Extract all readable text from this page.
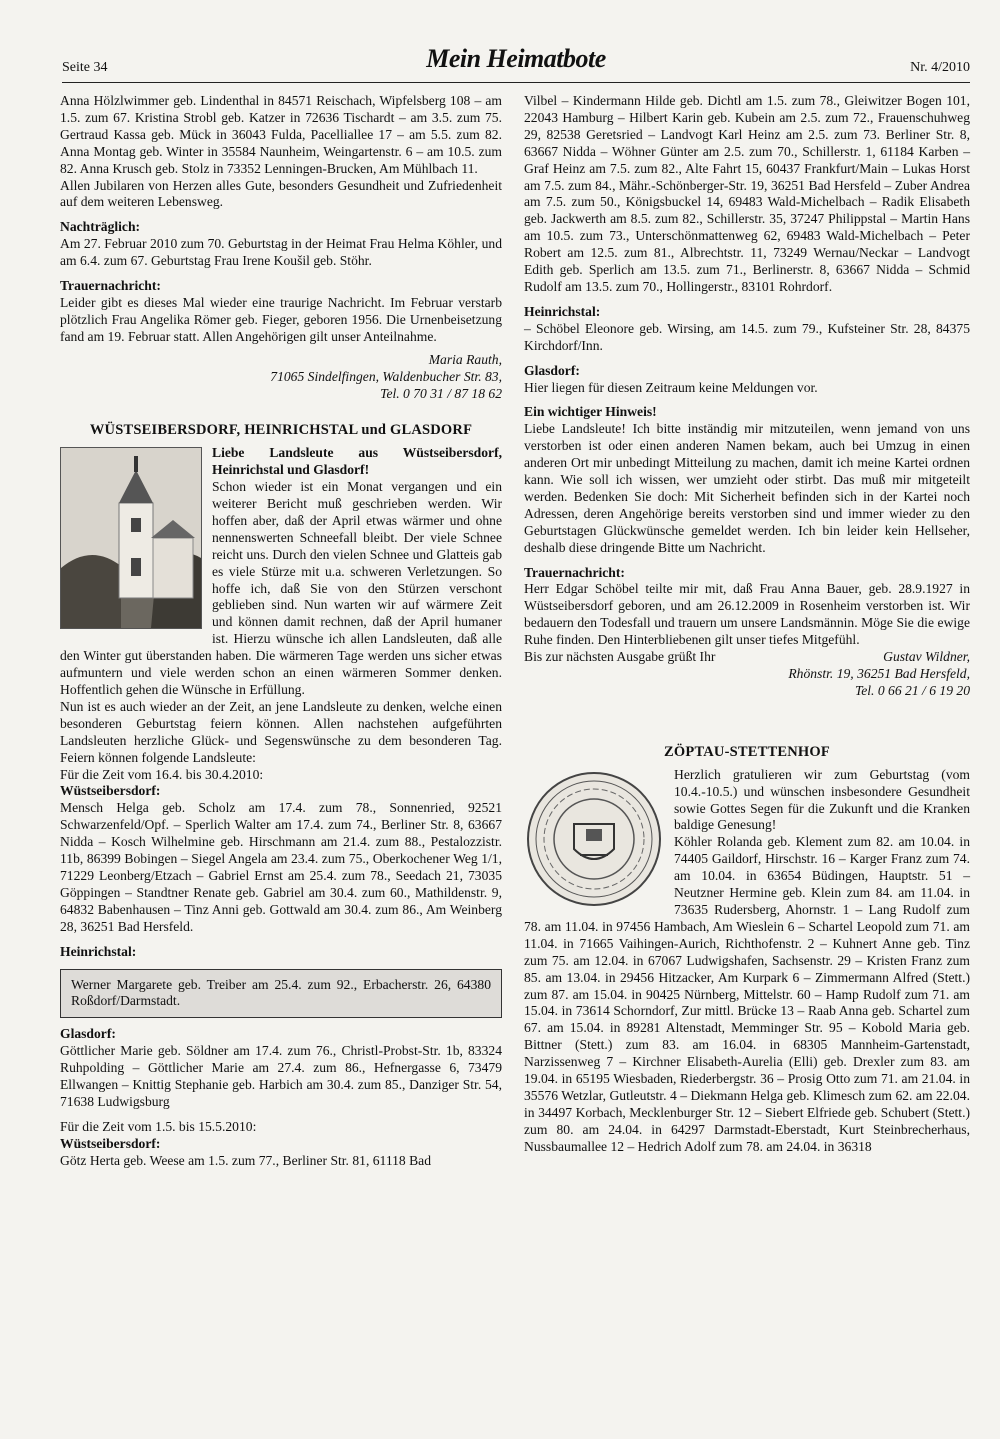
Seite 34	Mein Heimatbote	Nr. 4/2010

Anna Hölzlwimmer geb. Lindenthal in 84571 Reischach, Wipfelsberg 108 – am 1.5. zum 67. Kristina Strobl geb. Katzer in 72636 Tischardt – am 3.5. zum 75. Gertraud Kassa geb. Mück in 36043 Fulda, Pacelliallee 17 – am 5.5. zum 82. Anna Montag geb. Winter in 35584 Naunheim, Weingartenstr. 6 – am 10.5. zum 82. Anna Krusch geb. Stolz in 73352 Lenningen-Brucken, Am Mühlbach 11.

Allen Jubilaren von Herzen alles Gute, besonders Gesundheit und Zufriedenheit auf dem weiteren Lebensweg.

Nachträglich:

Am 27. Februar 2010 zum 70. Geburtstag in der Heimat Frau Helma Köhler, und am 6.4. zum 67. Geburtstag Frau Irene Koušil geb. Stöhr.

Trauernachricht:

Leider gibt es dieses Mal wieder eine traurige Nachricht. Im Februar verstarb plötzlich Frau Angelika Römer geb. Fieger, geboren 1956. Die Urnenbeisetzung fand am 19. Februar statt. Allen Angehörigen gilt unser Anteilnahme.

Maria Rauth,
71065 Sindelfingen, Waldenbucher Str. 83,
Tel. 0 70 31 / 87 18 62
WÜSTSEIBERSDORF, HEINRICHSTAL und GLASDORF

Liebe Landsleute aus Wüstseibersdorf, Heinrichstal und Glasdorf!

Schon wieder ist ein Monat vergangen und ein weiterer Bericht muß geschrieben werden. Wir hoffen aber, daß der April etwas wärmer und ohne nennenswerten Schneefall bleibt. Der viele Schnee reicht uns. Durch den vielen Schnee und Glatteis gab es viele Stürze mit u.a. schweren Verletzungen. So hoffe ich, daß Sie von den Stürzen verschont geblieben sind. Nun warten wir auf wärmere Zeit und können damit rechnen, daß der April humaner ist. Hierzu wünsche ich allen Landsleuten, daß alle den Winter gut überstanden haben. Die wärmeren Tage werden uns sicher etwas aufmuntern und viele werden schon an einen wärmeren Sommer denken. Hoffentlich gehen die Wünsche in Erfüllung.

Nun ist es auch wieder an der Zeit, an jene Landsleute zu denken, welche einen besonderen Geburtstag feiern können. Allen nachstehen aufgeführten Landsleuten herzliche Glück- und Segenswünsche zu dem besonderen Tag. Feiern können folgende Landsleute:

Für die Zeit vom 16.4. bis 30.4.2010:

Wüstseibersdorf:

Mensch Helga geb. Scholz am 17.4. zum 78., Sonnenried, 92521 Schwarzenfeld/Opf. – Sperlich Walter am 17.4. zum 74., Berliner Str. 8, 63667 Nidda – Kosch Wilhelmine geb. Hirschmann am 21.4. zum 88., Pestalozzistr. 11b, 86399 Bobingen – Siegel Angela am 23.4. zum 75., Oberkochener Weg 1/1, 71229 Leonberg/Etzach – Gabriel Ernst am 25.4. zum 78., Seedach 21, 73035 Göppingen – Standtner Renate geb. Gabriel am 30.4. zum 60., Mathildenstr. 9, 64832 Babenhausen – Tinz Anni geb. Gottwald am 30.4. zum 86., Am Weinberg 28, 36251 Bad Hersfeld.

Heinrichstal:

Werner Margarete geb. Treiber am 25.4. zum 92., Erbacherstr. 26, 64380 Roßdorf/Darmstadt.

Glasdorf:

Göttlicher Marie geb. Söldner am 17.4. zum 76., Christl-Probst-Str. 1b, 83324 Ruhpolding – Göttlicher Marie am 27.4. zum 86., Hefnergasse 6, 73479 Ellwangen – Knittig Stephanie geb. Harbich am 30.4. zum 85., Danziger Str. 54, 71638 Ludwigsburg

Für die Zeit vom 1.5. bis 15.5.2010:

Wüstseibersdorf:

Götz Herta geb. Weese am 1.5. zum 77., Berliner Str. 81, 61118 Bad

Vilbel – Kindermann Hilde geb. Dichtl am 1.5. zum 78., Gleiwitzer Bogen 101, 22043 Hamburg – Hilbert Karin geb. Kubein am 2.5. zum 72., Frauenschuhweg 29, 82538 Geretsried – Landvogt Karl Heinz am 2.5. zum 73. Berliner Str. 8, 63667 Nidda – Wöhner Günter am 2.5. zum 70., Schillerstr. 1, 61184 Karben – Graf Heinz am 7.5. zum 82., Alte Fahrt 15, 60437 Frankfurt/Main – Lukas Horst am 7.5. zum 84., Mähr.-Schönberger-Str. 19, 36251 Bad Hersfeld – Zuber Andrea am 7.5. zum 50., Königsbuckel 14, 69483 Wald-Michelbach – Radik Elisabeth geb. Jackwerth am 8.5. zum 82., Schillerstr. 35, 37247 Philippstal – Martin Hans am 10.5. zum 73., Unterschönmattenweg 62, 69483 Wald-Michelbach – Peter Robert am 12.5. zum 81., Albrechtstr. 11, 73249 Wernau/Neckar – Landvogt Edith geb. Sperlich am 13.5. zum 71., Berlinerstr. 8, 63667 Nidda – Schmid Rudolf am 13.5. zum 70., Hollingerstr., 83101 Rohrdorf.

Heinrichstal:

– Schöbel Eleonore geb. Wirsing, am 14.5. zum 79., Kufsteiner Str. 28, 84375 Kirchdorf/Inn.

Glasdorf:

Hier liegen für diesen Zeitraum keine Meldungen vor.

Ein wichtiger Hinweis!

Liebe Landsleute! Ich bitte inständig mir mitzuteilen, wenn jemand von uns verstorben ist oder einen anderen Namen bekam, auch bei Umzug in einen anderen Ort mir unbedingt Mitteilung zu machen, damit ich meine Kartei ordnen kann. Wie soll ich wissen, wer umzieht oder stirbt. Das muß mir mitgeteilt werden. Bedenken Sie doch: Mit Sicherheit befinden sich in der Kartei noch Adressen, deren Angehörige bereits verstorben sind und immer wieder zu den Geburtstagen Glückwünsche gemeldet werden. Ich bin leider kein Hellseher, deshalb diese dringende Bitte um Nachricht.

Trauernachricht:

Herr Edgar Schöbel teilte mir mit, daß Frau Anna Bauer, geb. 28.9.1927 in Wüstseibersdorf geboren, und am 26.12.2009 in Rosenheim verstorben ist. Wir bedauern den Todesfall und trauern um unsere Landsmännin. Möge Sie die ewige Ruhe finden. Den Hinterbliebenen gilt unser tiefes Mitgefühl.

Bis zur nächsten Ausgabe grüßt Ihr	Gustav Wildner,
Rhönstr. 19, 36251 Bad Hersfeld,
Tel. 0 66 21 / 6 19 20
ZÖPTAU-STETTENHOF

Herzlich gratulieren wir zum Geburtstag (vom 10.4.-10.5.) und wünschen insbesondere Gesundheit sowie Gottes Segen für die Zukunft und die Kranken baldige Genesung!

Köhler Rolanda geb. Klement zum 82. am 10.04. in 74405 Gaildorf, Hirschstr. 16 – Karger Franz zum 74. am 10.04. in 63654 Büdingen, Hauptstr. 51 – Neutzner Hermine geb. Klein zum 84. am 11.04. in 73635 Rudersberg, Ahornstr. 1 – Lang Rudolf zum 78. am 11.04. in 97456 Hambach, Am Wieslein 6 – Schartel Leopold zum 71. am 11.04. in 71665 Vaihingen-Aurich, Richthofenstr. 2 – Kuhnert Anne geb. Tinz zum 75. am 12.04. in 67067 Ludwigshafen, Sachsenstr. 29 – Kristen Franz zum 85. am 13.04. in 29456 Hitzacker, Am Kurpark 6 – Zimmermann Alfred (Stett.) zum 87. am 15.04. in 90425 Nürnberg, Mittelstr. 60 – Hamp Rudolf zum 71. am 15.04. in 73614 Schorndorf, Zur mittl. Brücke 13 – Raab Anna geb. Schartel zum 67. am 15.04. in 89281 Altenstadt, Memminger Str. 95 – Kobold Maria geb. Bittner (Stett.) zum 83. am 16.04. in 68305 Mannheim-Gartenstadt, Narzissenweg 7 – Kirchner Elisabeth-Aurelia (Elli) geb. Drexler zum 83. am 19.04. in 65195 Wiesbaden, Riederbergstr. 36 – Prosig Otto zum 71. am 21.04. in 35576 Wetzlar, Gutleutstr. 4 – Diekmann Helga geb. Klimesch zum 62. am 22.04. in 34497 Korbach, Mecklenburger Str. 12 – Siebert Elfriede geb. Schubert (Stett.) zum 80. am 24.04. in 64297 Darmstadt-Eberstadt, Kurt Steinbrecherhaus, Nussbaumallee 12 – Hedrich Adolf zum 78. am 24.04. in 36318
